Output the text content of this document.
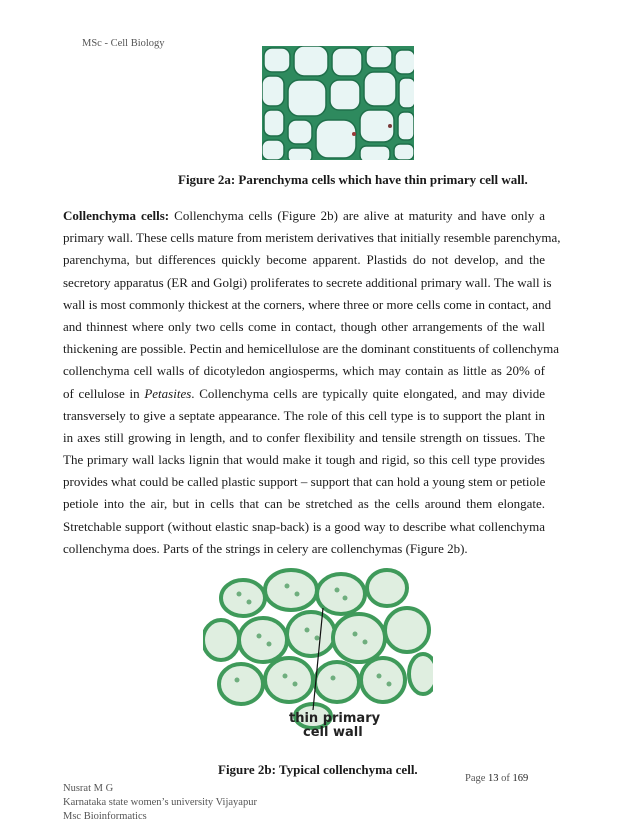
MSc - Cell Biology
Figure 2a: Parenchyma cells which have thin primary cell wall.
Collenchyma cells: Collenchyma cells (Figure 2b) are alive at maturity and have only a
primary wall. These cells mature from meristem derivatives that initially resemble parenchyma,
parenchyma, but differences quickly become apparent. Plastids do not develop, and the
secretory apparatus (ER and Golgi) proliferates to secrete additional primary wall. The wall is
wall is most commonly thickest at the corners, where three or more cells come in contact, and
and thinnest where only two cells come in contact, though other arrangements of the wall
thickening are possible. Pectin and hemicellulose are the dominant constituents of collenchyma
collenchyma cell walls of dicotyledon angiosperms, which may contain as little as 20% of
of cellulose in Petasites. Collenchyma cells are typically quite elongated, and may divide
transversely to give a septate appearance. The role of this cell type is to support the plant in
in axes still growing in length, and to confer flexibility and tensile strength on tissues. The
The primary wall lacks lignin that would make it tough and rigid, so this cell type provides
provides what could be called plastic support – support that can hold a young stem or petiole
petiole into the air, but in cells that can be stretched as the cells around them elongate.
Stretchable support (without elastic snap-back) is a good way to describe what collenchyma
collenchyma does. Parts of the strings in celery are collenchymas (Figure 2b).
thin primary
cell wall
Figure 2b: Typical collenchyma cell.
Nusrat M G
Karnataka state women’s university Vijayapur
Msc Bioinformatics
Page 13 of 169
